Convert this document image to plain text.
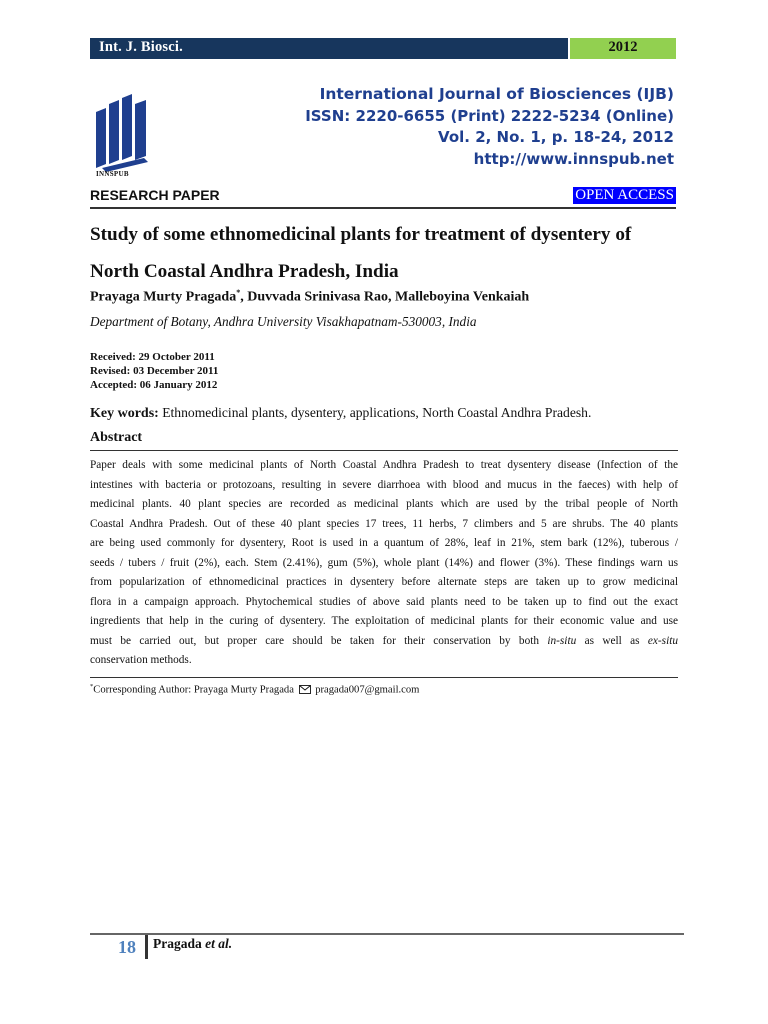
Int. J. Biosci.	2012
INNSPUB
International Journal of Biosciences (IJB)
ISSN: 2220-6655 (Print) 2222-5234 (Online)
Vol. 2, No. 1, p. 18-24, 2012
http://www.innspub.net
RESEARCH PAPER	OPEN ACCESS
Study of some ethnomedicinal plants for treatment of dysentery of
North Coastal Andhra Pradesh, India
Prayaga Murty Pragada*, Duvvada Srinivasa Rao, Malleboyina Venkaiah
Department of Botany, Andhra University Visakhapatnam-530003, India
Received: 29 October 2011
Revised: 03 December 2011
Accepted: 06 January 2012
Key words: Ethnomedicinal plants, dysentery, applications, North Coastal Andhra Pradesh.
Abstract
Paper deals with some medicinal plants of North Coastal Andhra Pradesh to treat dysentery disease (Infection of the
intestines with bacteria or protozoans, resulting in severe diarrhoea with blood and mucus in the faeces) with help of
medicinal plants. 40 plant species are recorded as medicinal plants which are used by the tribal people of North
Coastal Andhra Pradesh. Out of these 40 plant species 17 trees, 11 herbs, 7 climbers and 5 are shrubs. The 40 plants
are being used commonly for dysentery, Root is used in a quantum of 28%, leaf in 21%, stem bark (12%), tuberous /
seeds / tubers / fruit (2%), each. Stem (2.41%), gum (5%), whole plant (14%) and flower (3%). These findings warn us
from popularization of ethnomedicinal practices in dysentery before alternate steps are taken up to grow medicinal
flora in a campaign approach. Phytochemical studies of above said plants need to be taken up to find out the exact
ingredients that help in the curing of dysentery. The exploitation of medicinal plants for their economic value and use
must be carried out, but proper care should be taken for their conservation by both in-situ as well as ex-situ
conservation methods.
*Corresponding Author: Prayaga Murty Pragada  pragada007@gmail.com
18 Pragada et al.
